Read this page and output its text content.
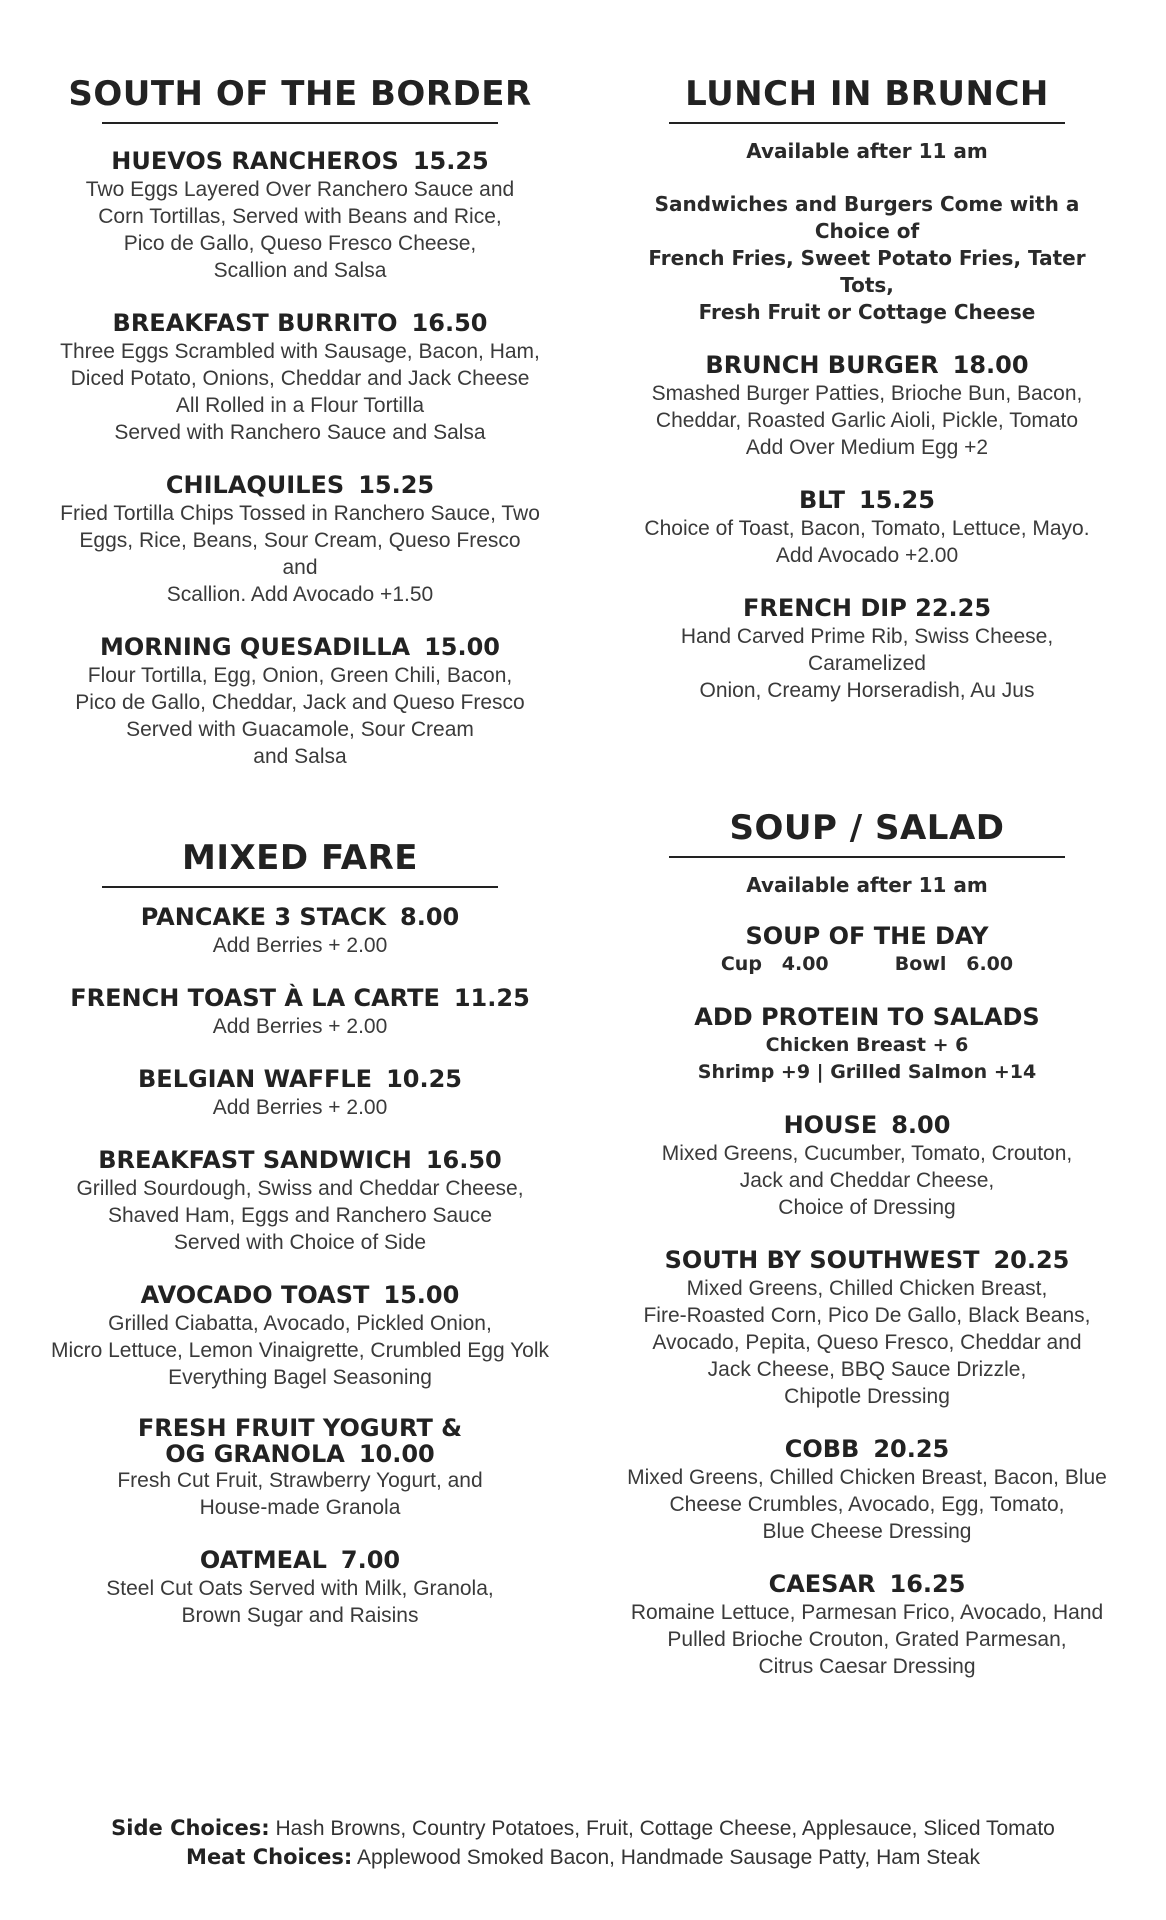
SOUTH OF THE BORDER
HUEVOS RANCHEROS 15.25
Two Eggs Layered Over Ranchero Sauce and
Corn Tortillas, Served with Beans and Rice,
Pico de Gallo, Queso Fresco Cheese,
Scallion and Salsa
BREAKFAST BURRITO 16.50
Three Eggs Scrambled with Sausage, Bacon, Ham,
Diced Potato, Onions, Cheddar and Jack Cheese
All Rolled in a Flour Tortilla
Served with Ranchero Sauce and Salsa
CHILAQUILES 15.25
Fried Tortilla Chips Tossed in Ranchero Sauce, Two
Eggs, Rice, Beans, Sour Cream, Queso Fresco and
Scallion. Add Avocado +1.50
MORNING QUESADILLA 15.00
Flour Tortilla, Egg, Onion, Green Chili, Bacon,
Pico de Gallo, Cheddar, Jack and Queso Fresco
Served with Guacamole, Sour Cream
and Salsa
LUNCH IN BRUNCH
Available after 11 am
Sandwiches and Burgers Come with a Choice of
French Fries, Sweet Potato Fries, Tater Tots,
Fresh Fruit or Cottage Cheese
BRUNCH BURGER 18.00
Smashed Burger Patties, Brioche Bun, Bacon,
Cheddar, Roasted Garlic Aioli, Pickle, Tomato
Add Over Medium Egg +2
BLT 15.25
Choice of Toast, Bacon, Tomato, Lettuce, Mayo.
Add Avocado +2.00
FRENCH DIP 22.25
Hand Carved Prime Rib, Swiss Cheese, Caramelized
Onion, Creamy Horseradish, Au Jus
MIXED FARE
PANCAKE 3 STACK 8.00
Add Berries + 2.00
FRENCH TOAST À LA CARTE 11.25
Add Berries + 2.00
BELGIAN WAFFLE 10.25
Add Berries + 2.00
BREAKFAST SANDWICH 16.50
Grilled Sourdough, Swiss and Cheddar Cheese,
Shaved Ham, Eggs and Ranchero Sauce
Served with Choice of Side
AVOCADO TOAST 15.00
Grilled Ciabatta, Avocado, Pickled Onion,
Micro Lettuce, Lemon Vinaigrette, Crumbled Egg Yolk
Everything Bagel Seasoning
FRESH FRUIT YOGURT &
OG GRANOLA 10.00
Fresh Cut Fruit, Strawberry Yogurt, and
House-made Granola
OATMEAL 7.00
Steel Cut Oats Served with Milk, Granola,
Brown Sugar and Raisins
SOUP / SALAD
Available after 11 am
SOUP OF THE DAY
Cup   4.00          Bowl   6.00
ADD PROTEIN TO SALADS
Chicken Breast + 6
Shrimp +9 | Grilled Salmon +14
HOUSE 8.00
Mixed Greens, Cucumber, Tomato, Crouton,
Jack and Cheddar Cheese,
Choice of Dressing
SOUTH BY SOUTHWEST 20.25
Mixed Greens, Chilled Chicken Breast,
Fire-Roasted Corn, Pico De Gallo, Black Beans,
Avocado, Pepita, Queso Fresco, Cheddar and
Jack Cheese, BBQ Sauce Drizzle,
Chipotle Dressing
COBB 20.25
Mixed Greens, Chilled Chicken Breast, Bacon, Blue
Cheese Crumbles, Avocado, Egg, Tomato,
Blue Cheese Dressing
CAESAR 16.25
Romaine Lettuce, Parmesan Frico, Avocado, Hand
Pulled Brioche Crouton, Grated Parmesan,
Citrus Caesar Dressing
Side Choices: Hash Browns, Country Potatoes, Fruit, Cottage Cheese, Applesauce, Sliced Tomato
Meat Choices: Applewood Smoked Bacon, Handmade Sausage Patty, Ham Steak
